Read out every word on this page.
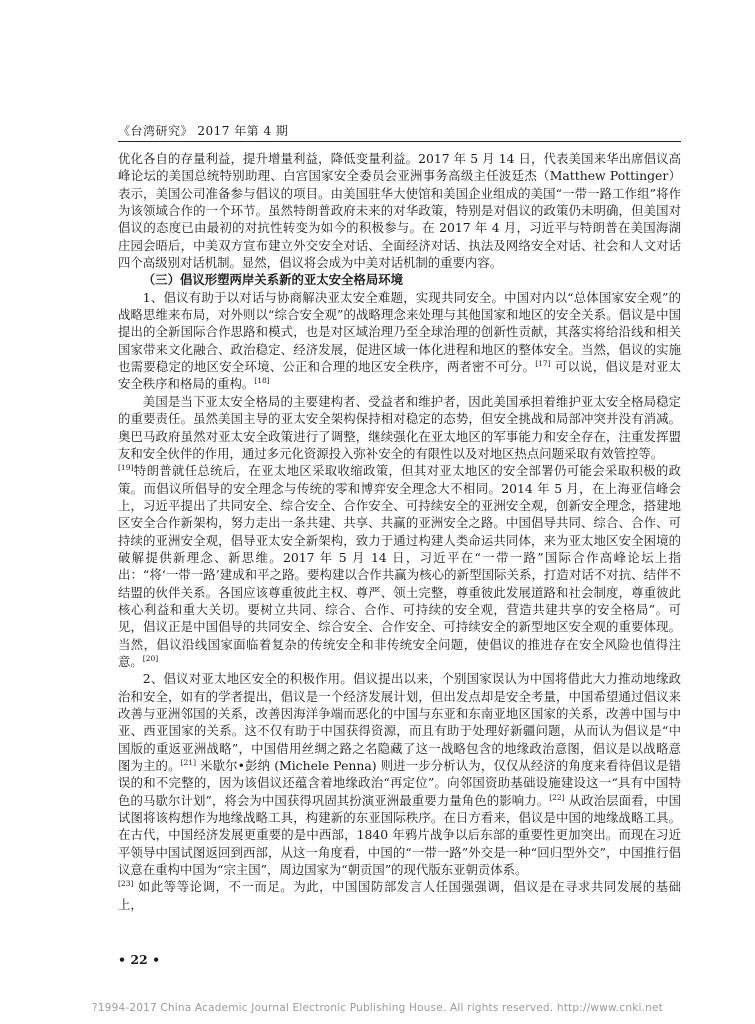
《台湾研究》 2017 年第 4 期

优化各自的存量利益，提升增量利益，降低变量利益。2017 年 5 月 14 日，代表美国来华出席倡议高峰论坛的美国总统特别助理、白宫国家安全委员会亚洲事务高级主任波廷杰（Matthew Pottinger）表示，美国公司准备参与倡议的项目。由美国驻华大使馆和美国企业组成的美国“一带一路工作组”将作为该领域合作的一个环节。虽然特朗普政府未来的对华政策，特别是对倡议的政策仍未明确，但美国对倡议的态度已由最初的对抗性转变为如今的积极参与。在 2017 年 4 月，习近平与特朗普在美国海湖庄园会晤后，中美双方宣布建立外交安全对话、全面经济对话、执法及网络安全对话、社会和人文对话四个高级别对话机制。显然，倡议将会成为中美对话机制的重要内容。

（三）倡议形塑两岸关系新的亚太安全格局环境

1、倡议有助于以对话与协商解决亚太安全难题，实现共同安全。中国对内以“总体国家安全观”的战略思维来布局，对外则以“综合安全观”的战略理念来处理与其他国家和地区的安全关系。倡议是中国提出的全新国际合作思路和模式，也是对区域治理乃至全球治理的创新性贡献，其落实将给沿线和相关国家带来文化融合、政治稳定、经济发展，促进区域一体化进程和地区的整体安全。当然，倡议的实施也需要稳定的地区安全环境、公正和合理的地区安全秩序，两者密不可分。[17] 可以说，倡议是对亚太安全秩序和格局的重构。[18]

美国是当下亚太安全格局的主要建构者、受益者和维护者，因此美国承担着维护亚太安全格局稳定的重要责任。虽然美国主导的亚太安全架构保持相对稳定的态势，但安全挑战和局部冲突并没有消减。奥巴马政府虽然对亚太安全政策进行了调整，继续强化在亚太地区的军事能力和安全存在，注重发挥盟友和安全伙伴的作用，通过多元化资源投入弥补安全的有限性以及对地区热点问题采取有效管控等。

[19]特朗普就任总统后，在亚太地区采取收缩政策，但其对亚太地区的安全部署仍可能会采取积极的政策。而倡议所倡导的安全理念与传统的零和博弈安全理念大不相同。2014 年 5 月，在上海亚信峰会上，习近平提出了共同安全、综合安全、合作安全、可持续安全的亚洲安全观，创新安全理念，搭建地区安全合作新架构，努力走出一条共建、共享、共赢的亚洲安全之路。中国倡导共同、综合、合作、可持续的亚洲安全观，倡导亚太安全新架构，致力于通过构建人类命运共同体，来为亚太地区安全困境的破解提供新理念、新思维。2017 年 5 月 14 日，习近平在“一带一路”国际合作高峰论坛上指出：“将‘一带一路’建成和平之路。要构建以合作共赢为核心的新型国际关系，打造对话不对抗、结伴不结盟的伙伴关系。各国应该尊重彼此主权、尊严、领土完整，尊重彼此发展道路和社会制度，尊重彼此核心利益和重大关切。要树立共同、综合、合作、可持续的安全观，营造共建共享的安全格局”。可见，倡议正是中国倡导的共同安全、综合安全、合作安全、可持续安全的新型地区安全观的重要体现。当然，倡议沿线国家面临着复杂的传统安全和非传统安全问题，使倡议的推进存在安全风险也值得注意。[20]

2、倡议对亚太地区安全的积极作用。倡议提出以来，个别国家误认为中国将借此大力推动地缘政治和安全，如有的学者提出，倡议是一个经济发展计划，但出发点却是安全考量，中国希望通过倡议来改善与亚洲邻国的关系，改善因海洋争端而恶化的中国与东亚和东南亚地区国家的关系，改善中国与中亚、西亚国家的关系。这不仅有助于中国获得资源，而且有助于处理好新疆问题，从而认为倡议是“中国版的重返亚洲战略”，中国借用丝绸之路之名隐藏了这一战略包含的地缘政治意图，倡议是以战略意图为主的。[21] 米歇尔•彭纳 (Michele Penna) 则进一步分析认为，仅仅从经济的角度来看待倡议是错误的和不完整的，因为该倡议还蕴含着地缘政治“再定位”。向邻国资助基础设施建设这一“具有中国特色的马歇尔计划”，将会为中国获得巩固其扮演亚洲最重要力量角色的影响力。[22] 从政治层面看，中国试图将该构想作为地缘战略工具，构建新的东亚国际秩序。在日方看来，倡议是中国的地缘战略工具。在古代，中国经济发展更重要的是中西部，1840 年鸦片战争以后东部的重要性更加突出。而现在习近平领导中国试图返回到西部，从这一角度看，中国的“一带一路”外交是一种“回归型外交”，中国推行倡议意在重构中国为“宗主国”，周边国家为“朝贡国”的现代版东亚朝贡体系。

[23] 如此等等论调，不一而足。为此，中国国防部发言人任国强强调，倡议是在寻求共同发展的基础上，

• 22 •
?1994-2017 China Academic Journal Electronic Publishing House. All rights reserved. http://www.cnki.net
